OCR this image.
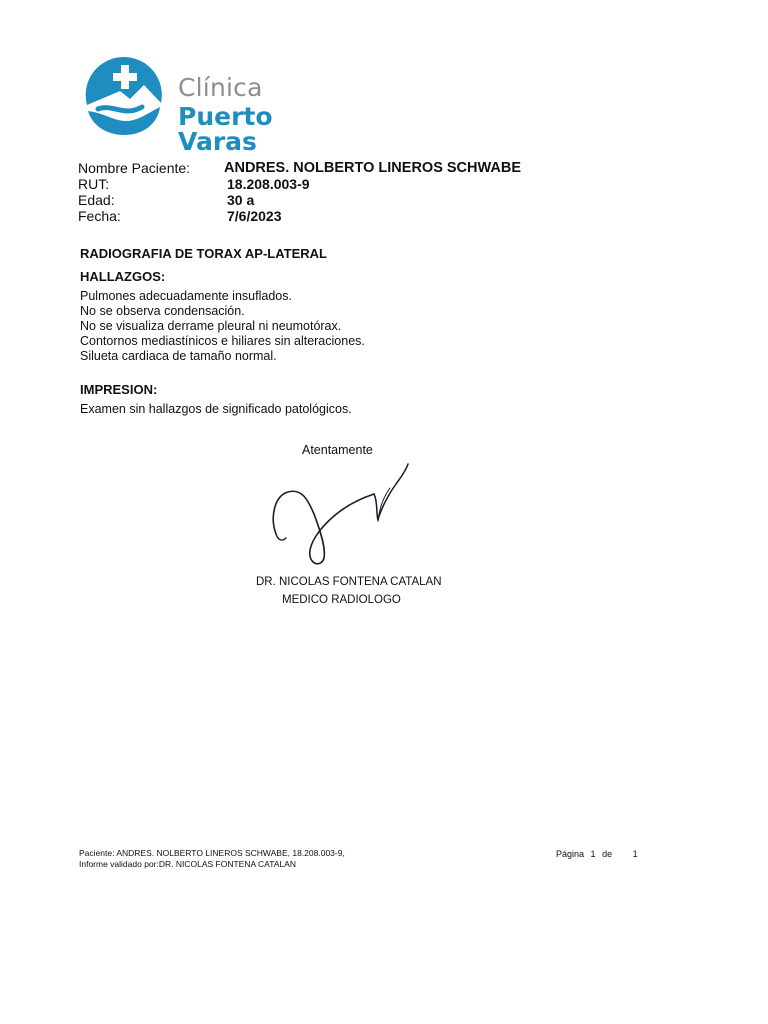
Clínica
Puerto Varas
Nombre Paciente:	ANDRES. NOLBERTO LINEROS SCHWABE
RUT:	18.208.003-9
Edad:	30 a
Fecha:	7/6/2023
RADIOGRAFIA DE TORAX AP-LATERAL
HALLAZGOS:
Pulmones adecuadamente insuflados.
No se observa condensación.
No se visualiza derrame pleural ni neumotórax.
Contornos mediastínicos e hiliares sin alteraciones.
Silueta cardiaca de tamaño normal.
IMPRESION:
Examen sin hallazgos de significado patológicos.
Atentamente
DR. NICOLAS FONTENA CATALAN
MEDICO RADIOLOGO
Paciente: ANDRES. NOLBERTO LINEROS SCHWABE, 18.208.003-9,
Informe validado por:DR. NICOLAS FONTENA CATALAN
Página 1 de 1
